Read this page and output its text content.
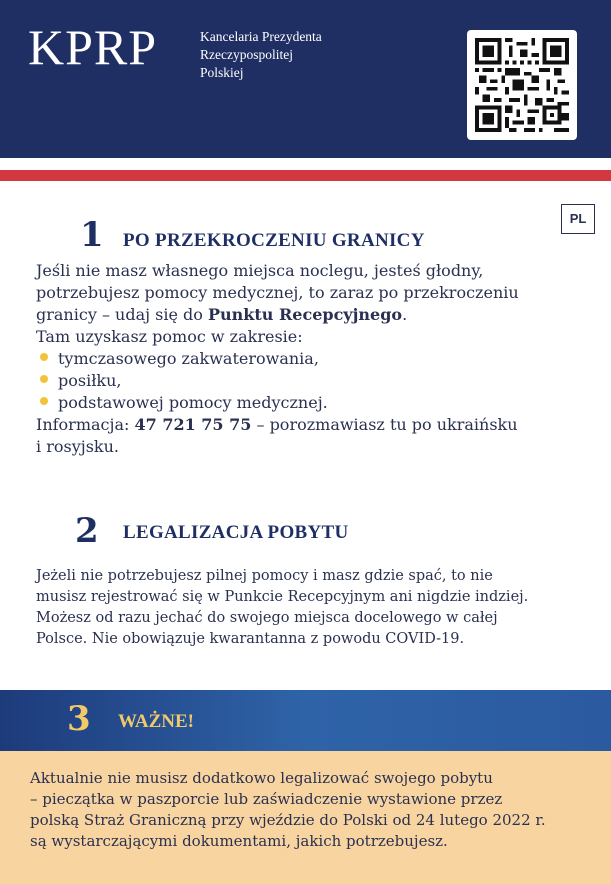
KPRP	Kancelaria Prezydenta
Rzeczypospolitej
Polskiej
PL
1 PO PRZEKROCZENIU GRANICY
Jeśli nie masz własnego miejsca noclegu, jesteś głodny,
potrzebujesz pomocy medycznej, to zaraz po przekroczeniu
granicy – udaj się do Punktu Recepcyjnego.
Tam uzyskasz pomoc w zakresie:
tymczasowego zakwaterowania,
posiłku,
podstawowej pomocy medycznej.
Informacja: 47 721 75 75 – porozmawiasz tu po ukraińsku
i rosyjsku.
2 LEGALIZACJA POBYTU
Jeżeli nie potrzebujesz pilnej pomocy i masz gdzie spać, to nie
musisz rejestrować się w Punkcie Recepcyjnym ani nigdzie indziej.
Możesz od razu jechać do swojego miejsca docelowego w całej
Polsce. Nie obowiązuje kwarantanna z powodu COVID-19.
3 WAŻNE!
Aktualnie nie musisz dodatkowo legalizować swojego pobytu
– pieczątka w paszporcie lub zaświadczenie wystawione przez
polską Straż Graniczną przy wjeździe do Polski od 24 lutego 2022 r.
są wystarczającymi dokumentami, jakich potrzebujesz.
